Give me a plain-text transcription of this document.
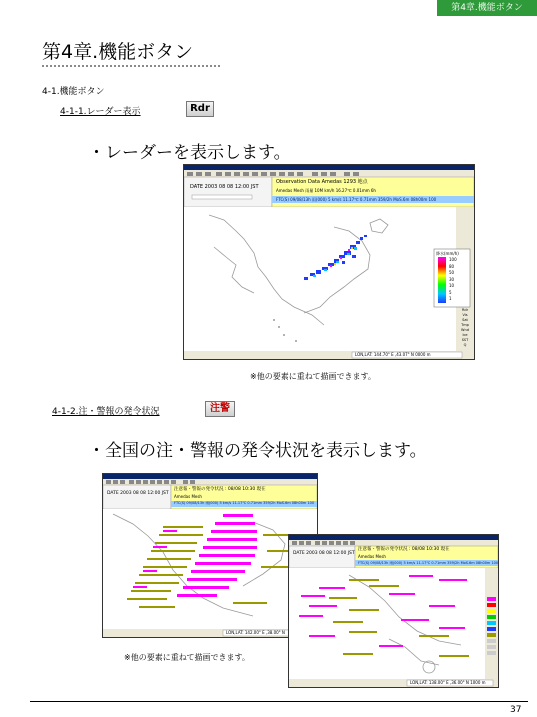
第4章.機能ボタン
第4章.機能ボタン
4-1.機能ボタン
4-1-1.レーダー表示	Rdr
・レーダーを表示します。
DATE 2003 08 08 12:00 JST
Observation Data Amedas 1293 地点
Amedas Mesh 雨量 10M km/h 16.27℃ 0.01mm 6h
FTC(S) 09/08/13h 雨(000) 5 km/s 11.17℃ 0.71mm 359/2h MoS.6m 08h00m 100
降水(mm/h)
100
80
50
30
10
5
1
Rdr
Vis
Sat
Tmp
Wnd
Ice
SST
Q
LON,LAT: 144.70° E ,43.07° N 0000 m
※他の要素に重ねて描画できます。
4-1-2.注・警報の発令状況	注警
・全国の注・警報の発令状況を表示します。
DATE 2003 08 08 12:00 JST
注意報・警報の発令状況 : 08/08 10:30 現在
Amedas Mesh
FTC(S) 09/08/13h 雨(000) 5 km/s 11.17℃ 0.71mm 359/2h MoS.6m 08h00m 100
LON,LAT: 142.00° E ,38.00° N
DATE 2003 08 08 12:00 JST
注意報・警報の発令状況 : 08/08 10:30 現在
Amedas Mesh
FTC(S) 09/08/13h 雨(000) 5 km/s 11.17℃ 0.71mm 359/2h MoS.6m 08h00m 100
LON,LAT: 138.00° E ,36.00° N 1000 m
※他の要素に重ねて描画できます。
37
